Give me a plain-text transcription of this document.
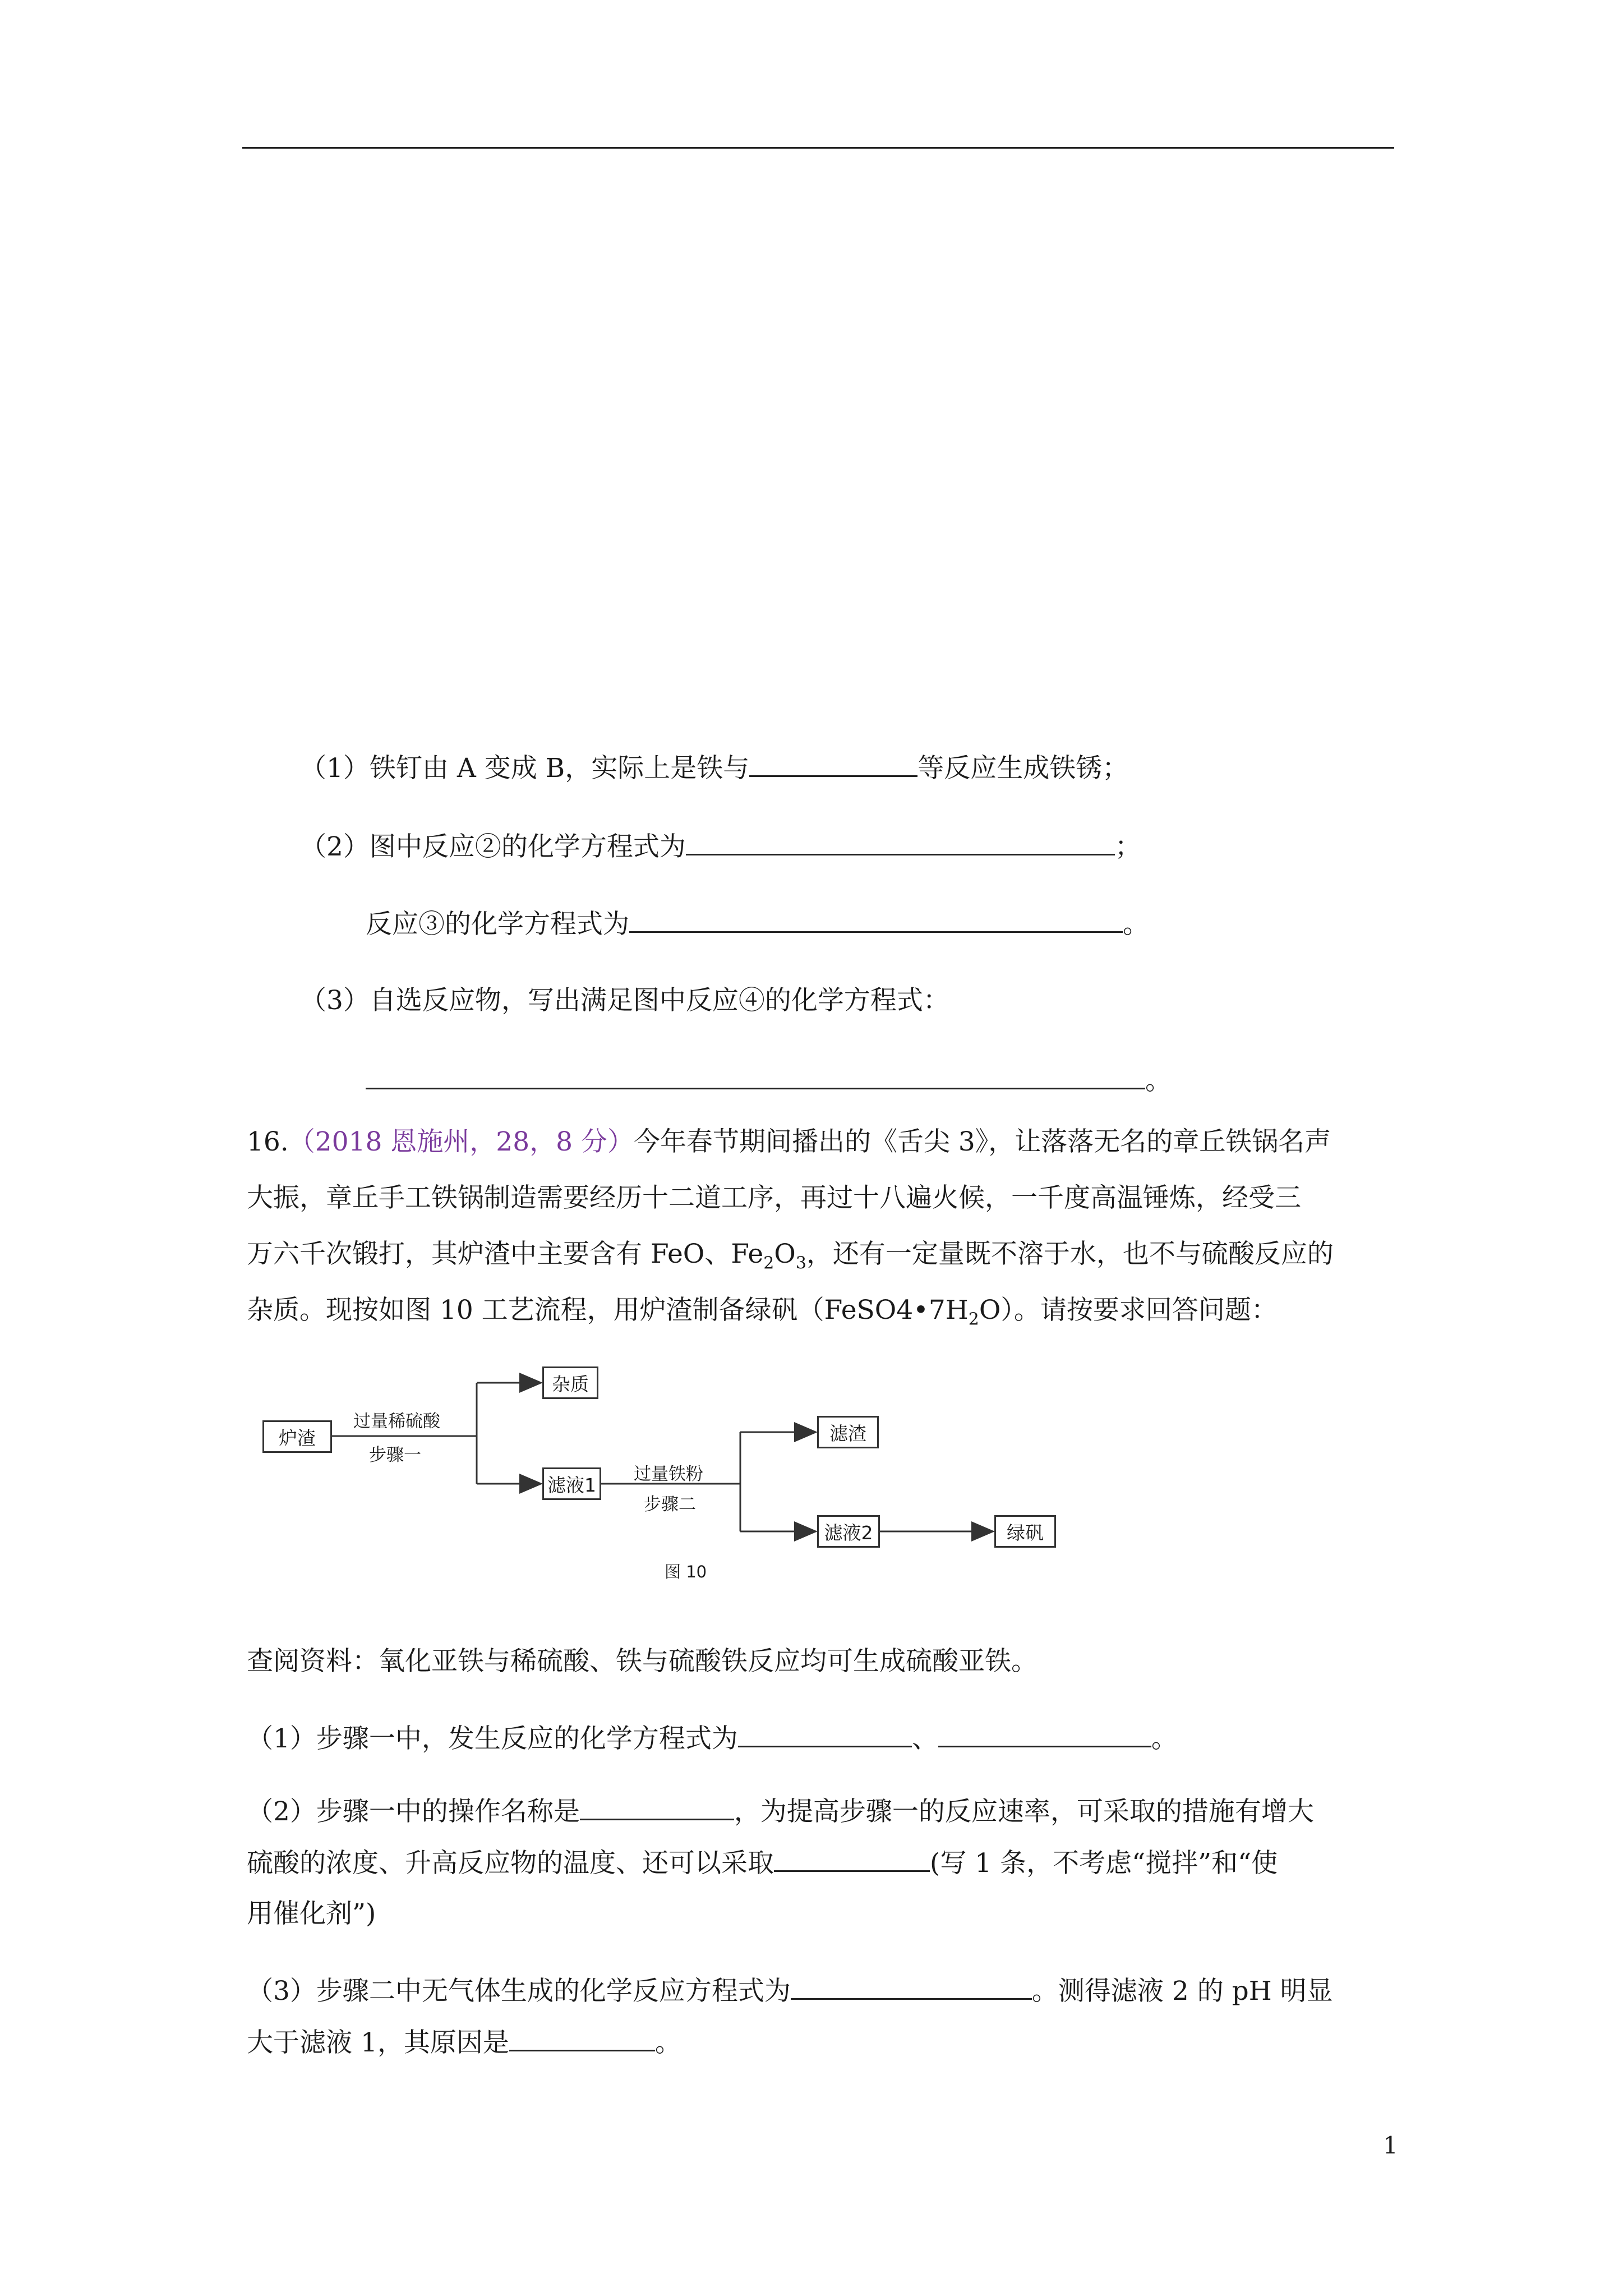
（1）铁钉由 A 变成 B，实际上是铁与	等反应生成铁锈；
（2）图中反应②的化学方程式为	；
反应③的化学方程式为	。
（3）自选反应物，写出满足图中反应④的化学方程式：
。
16.（2018 恩施州，28，8 分）今年春节期间播出的《舌尖 3》，让落落无名的章丘铁锅名声
大振，章丘手工铁锅制造需要经历十二道工序，再过十八遍火候，一千度高温锤炼，经受三
万六千次锻打，其炉渣中主要含有 FeO、$Fe_2O_3$，还有一定量既不溶于水，也不与硫酸反应的
杂质。现按如图 10 工艺流程，用炉渣制备绿矾$(FeSO4•7H_2O)$。请按要求回答问题：
炉渣
过量稀硫酸
步骤一
杂质
滤液1 过量铁粉
步骤二
滤渣
滤液2	绿矾
图 10
查阅资料：氧化亚铁与稀硫酸、铁与硫酸铁反应均可生成硫酸亚铁。
（1）步骤一中，发生反应的化学方程式为	、	。
（2）步骤一中的操作名称是	，为提高步骤一的反应速率，可采取的措施有增大
硫酸的浓度、升高反应物的温度、还可以采取	(写 1 条，不考虑“搅拌”和“使
用催化剂”)
（3）步骤二中无气体生成的化学反应方程式为	。测得滤液 2 的 pH 明显
大于滤液 1，其原因是	。
1
